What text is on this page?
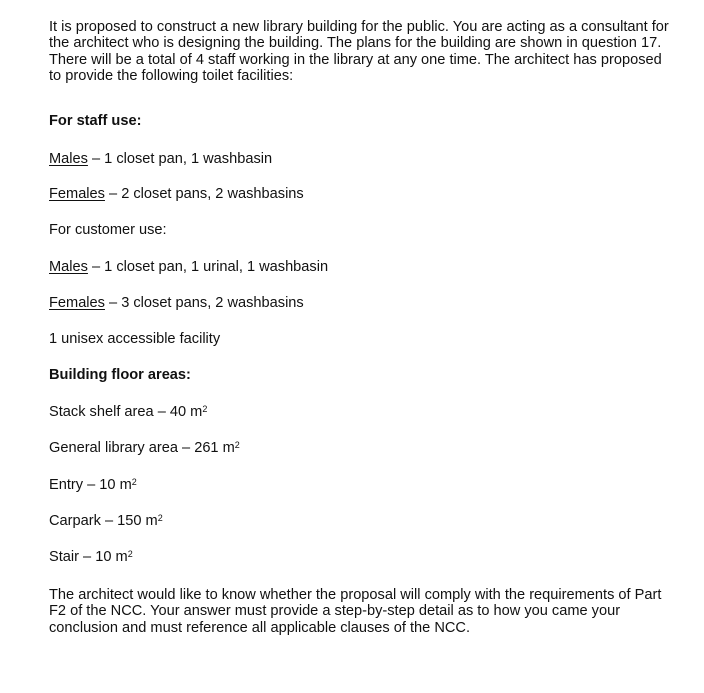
It is proposed to construct a new library building for the public. You are acting as a consultant for the architect who is designing the building. The plans for the building are shown in question 17. There will be a total of 4 staff working in the library at any one time. The architect has proposed to provide the following toilet facilities:

For staff use:
Males – 1 closet pan, 1 washbasin
Females – 2 closet pans, 2 washbasins
For customer use:
Males – 1 closet pan, 1 urinal, 1 washbasin
Females – 3 closet pans, 2 washbasins
1 unisex accessible facility
Building floor areas:
Stack shelf area – 40 $m^2$
General library area – 261 $m^2$
Entry – 10 $m^2$
Carpark – 150 $m^2$
Stair – 10 $m^2$

The architect would like to know whether the proposal will comply with the requirements of Part F2 of the NCC. Your answer must provide a step-by-step detail as to how you came your conclusion and must reference all applicable clauses of the NCC.
